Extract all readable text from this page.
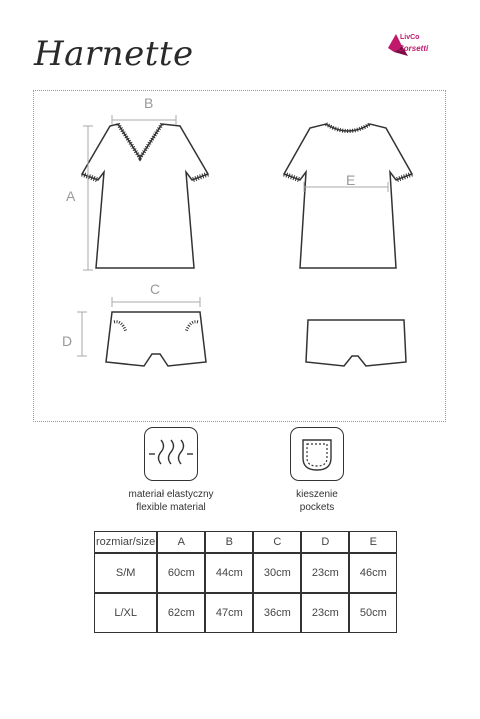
Harnette	LivCo
Corsetti
B
A
E
C
D
materiał elastyczny
flexible material
kieszenie
pockets
rozmiar/size	A	B	C	D	E
S/M	60cm	44cm	30cm	23cm	46cm
L/XL	62cm	47cm	36cm	23cm	50cm
